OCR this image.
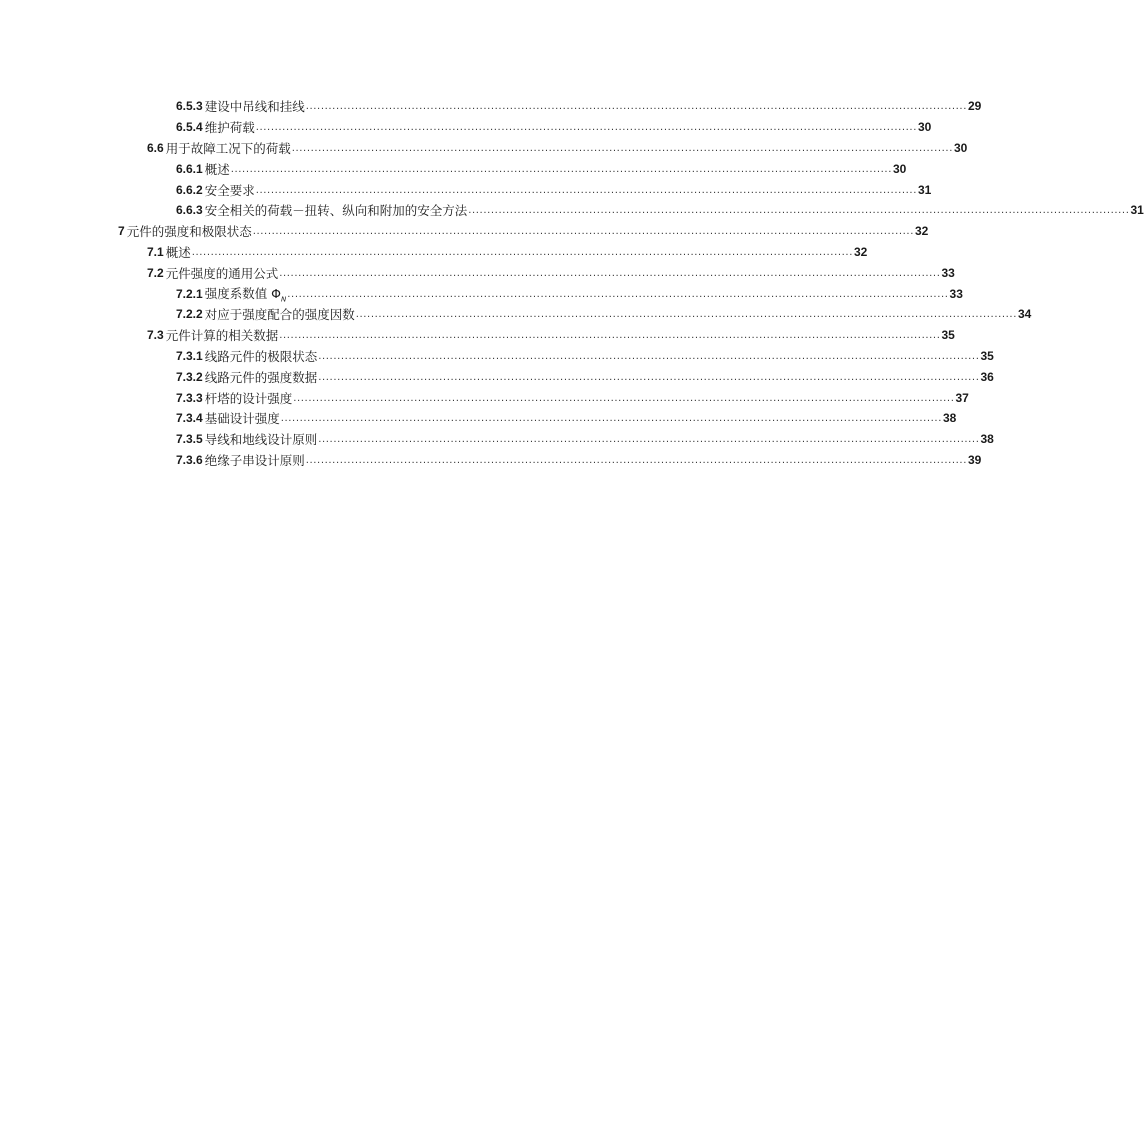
6.5.3 建设中吊线和挂线 ............................................................................................................................................................................... 29
6.5.4 维护荷载 ............................................................................................................................................................................... 30
6.6 用于故障工况下的荷载 ............................................................................................................................................................................... 30
6.6.1 概述 ............................................................................................................................................................................... 30
6.6.2 安全要求 ............................................................................................................................................................................... 31
6.6.3 安全相关的荷载－扭转、纵向和附加的安全方法 ............................................................................................................................................................................... 31
7 元件的强度和极限状态 ............................................................................................................................................................................... 32
7.1 概述 ............................................................................................................................................................................... 32
7.2 元件强度的通用公式 ............................................................................................................................................................................... 33
7.2.1 强度系数值 $\Phi_N$ ............................................................................................................................................................................... 33
7.2.2 对应于强度配合的强度因数 ............................................................................................................................................................................... 34
7.3 元件计算的相关数据 ............................................................................................................................................................................... 35
7.3.1 线路元件的极限状态 ............................................................................................................................................................................... 35
7.3.2 线路元件的强度数据 ............................................................................................................................................................................... 36
7.3.3 杆塔的设计强度 ............................................................................................................................................................................... 37
7.3.4 基础设计强度 ............................................................................................................................................................................... 38
7.3.5 导线和地线设计原则 ............................................................................................................................................................................... 38
7.3.6 绝缘子串设计原则 ............................................................................................................................................................................... 39
